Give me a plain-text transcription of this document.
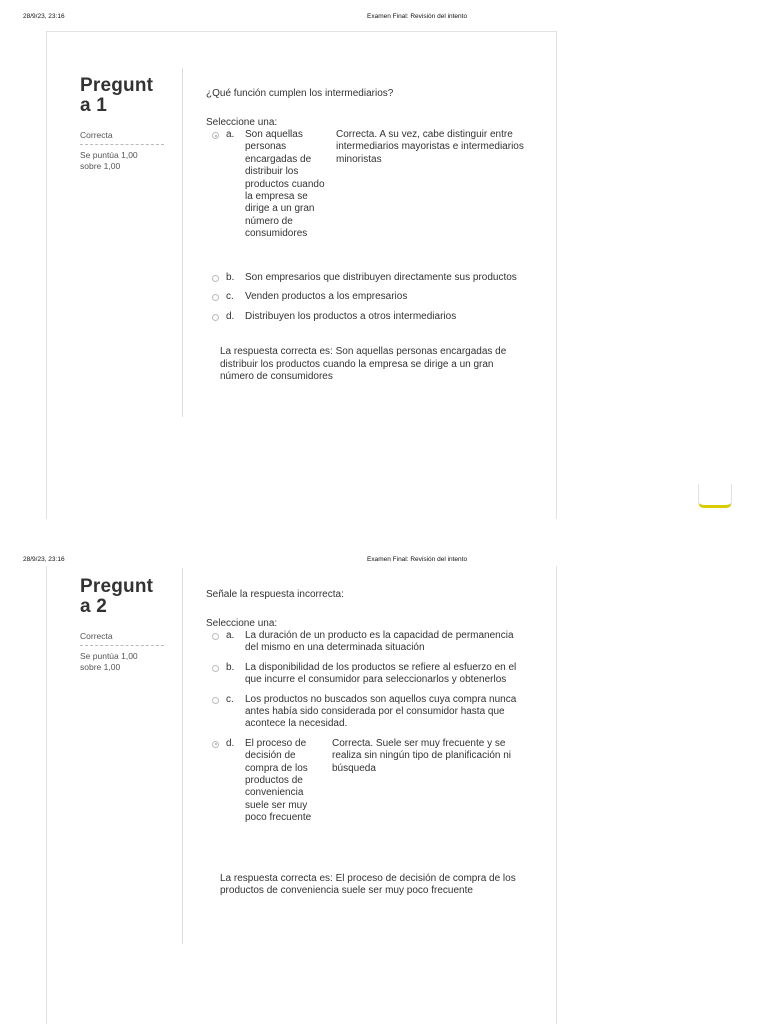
28/9/23, 23:16	Examen Final: Revisión del intento
Pregunt
a 1
Correcta
Se puntúa 1,00 sobre 1,00

¿Qué función cumplen los intermediarios?

Seleccione una:
a. Son aquellas personas encargadas de distribuir los productos cuando la empresa se dirige a un gran número de consumidores
Correcta. A su vez, cabe distinguir entre intermediarios mayoristas e intermediarios minoristas
b. Son empresarios que distribuyen directamente sus productos
c. Venden productos a los empresarios
d. Distribuyen los productos a otros intermediarios
La respuesta correcta es: Son aquellas personas encargadas de distribuir los productos cuando la empresa se dirige a un gran número de consumidores
28/9/23, 23:16	Examen Final: Revisión del intento
Pregunt
a 2
Correcta
Se puntúa 1,00 sobre 1,00

Señale la respuesta incorrecta:

Seleccione una:
a. La duración de un producto es la capacidad de permanencia del mismo en una determinada situación
b. La disponibilidad de los productos se refiere al esfuerzo en el que incurre el consumidor para seleccionarlos y obtenerlos
c. Los productos no buscados son aquellos cuya compra nunca antes había sido considerada por el consumidor hasta que acontece la necesidad.
d. El proceso de decisión de compra de los productos de conveniencia suele ser muy poco frecuente
Correcta. Suele ser muy frecuente y se realiza sin ningún tipo de planificación ni búsqueda
La respuesta correcta es: El proceso de decisión de compra de los productos de conveniencia suele ser muy poco frecuente
